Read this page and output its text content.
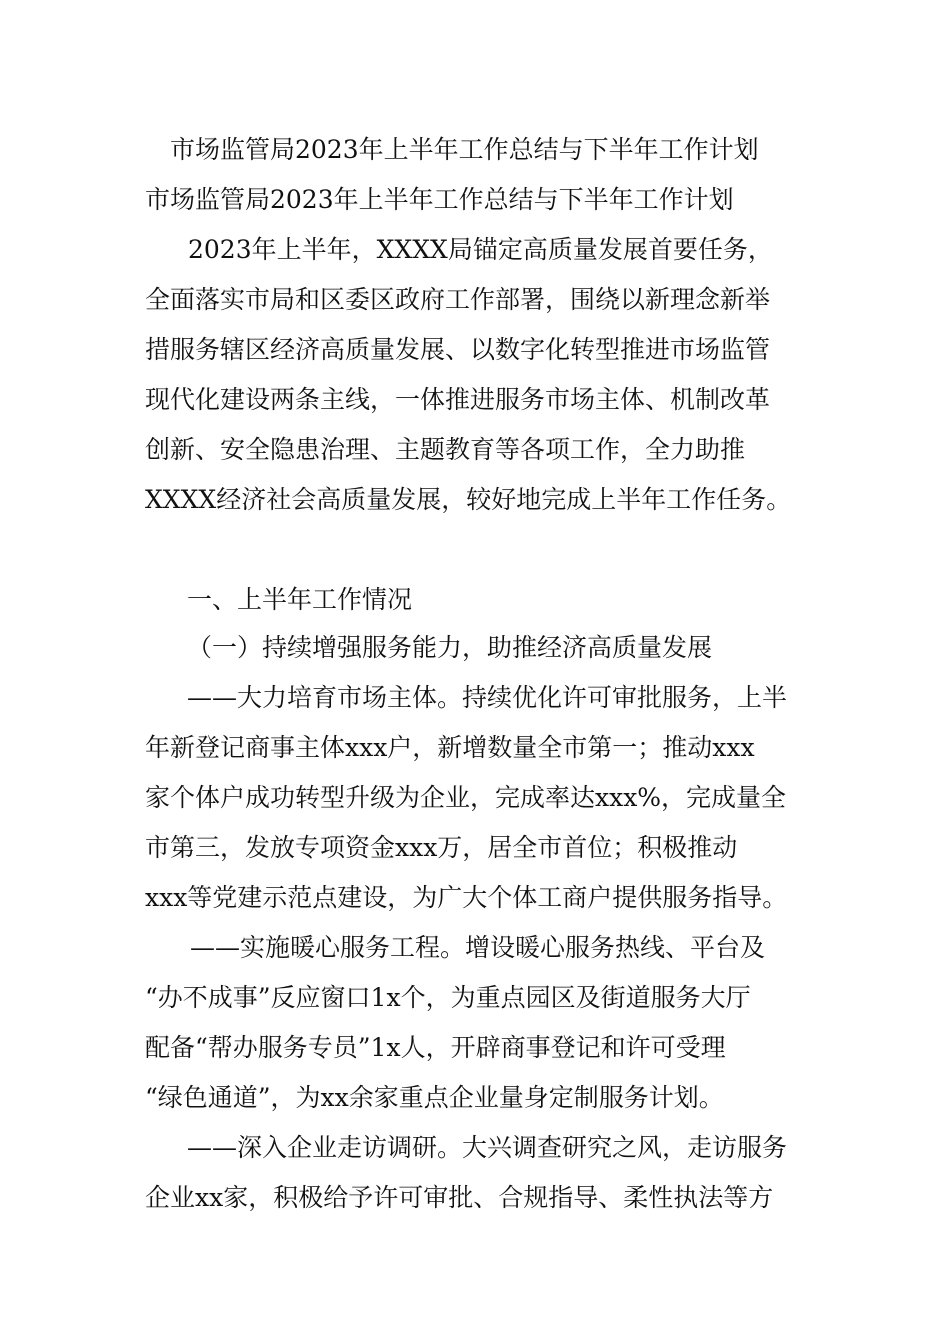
市场监管局2023年上半年工作总结与下半年工作计划
市场监管局2023年上半年工作总结与下半年工作计划
2023年上半年，XXXX局锚定高质量发展首要任务，
全面落实市局和区委区政府工作部署，围绕以新理念新举
措服务辖区经济高质量发展、以数字化转型推进市场监管
现代化建设两条主线，一体推进服务市场主体、机制改革
创新、安全隐患治理、主题教育等各项工作，全力助推
XXXX经济社会高质量发展，较好地完成上半年工作任务。
一、上半年工作情况
（一）持续增强服务能力，助推经济高质量发展
——大力培育市场主体。持续优化许可审批服务，上半
年新登记商事主体xxx户，新增数量全市第一；推动xxx
家个体户成功转型升级为企业，完成率达xxx%，完成量全
市第三，发放专项资金xxx万，居全市首位；积极推动
xxx等党建示范点建设，为广大个体工商户提供服务指导。
——实施暖心服务工程。增设暖心服务热线、平台及
“办不成事”反应窗口1x个，为重点园区及街道服务大厅
配备“帮办服务专员”1x人，开辟商事登记和许可受理
“绿色通道”，为xx余家重点企业量身定制服务计划。
——深入企业走访调研。大兴调查研究之风，走访服务
企业xx家，积极给予许可审批、合规指导、柔性执法等方
